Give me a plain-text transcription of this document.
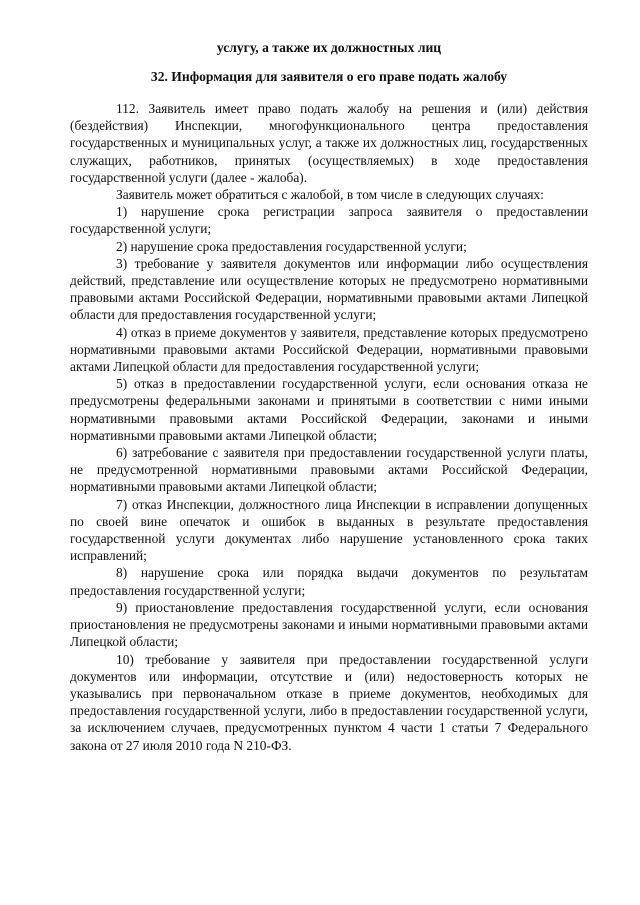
услугу, а также их должностных лиц

32. Информация для заявителя о его праве подать жалобу

112. Заявитель имеет право подать жалобу на решения и (или) действия (бездействия) Инспекции, многофункционального центра предоставления государственных и муниципальных услуг, а также их должностных лиц, государственных служащих, работников, принятых (осуществляемых) в ходе предоставления государственной услуги (далее - жалоба).

Заявитель может обратиться с жалобой, в том числе в следующих случаях:

1) нарушение срока регистрации запроса заявителя о предоставлении государственной услуги;

2) нарушение срока предоставления государственной услуги;

3) требование у заявителя документов или информации либо осуществления действий, представление или осуществление которых не предусмотрено нормативными правовыми актами Российской Федерации, нормативными правовыми актами Липецкой области для предоставления государственной услуги;

4) отказ в приеме документов у заявителя, представление которых предусмотрено нормативными правовыми актами Российской Федерации, нормативными правовыми актами Липецкой области для предоставления государственной услуги;

5) отказ в предоставлении государственной услуги, если основания отказа не предусмотрены федеральными законами и принятыми в соответствии с ними иными нормативными правовыми актами Российской Федерации, законами и иными нормативными правовыми актами Липецкой области;

6) затребование с заявителя при предоставлении государственной услуги платы, не предусмотренной нормативными правовыми актами Российской Федерации, нормативными правовыми актами Липецкой области;

7) отказ Инспекции, должностного лица Инспекции в исправлении допущенных по своей вине опечаток и ошибок в выданных в результате предоставления государственной услуги документах либо нарушение установленного срока таких исправлений;

8) нарушение срока или порядка выдачи документов по результатам предоставления государственной услуги;

9) приостановление предоставления государственной услуги, если основания приостановления не предусмотрены законами и иными нормативными правовыми актами Липецкой области;

10) требование у заявителя при предоставлении государственной услуги документов или информации, отсутствие и (или) недостоверность которых не указывались при первоначальном отказе в приеме документов, необходимых для предоставления государственной услуги, либо в предоставлении государственной услуги, за исключением случаев, предусмотренных пунктом 4 части 1 статьи 7 Федерального закона от 27 июля 2010 года N 210-ФЗ.
